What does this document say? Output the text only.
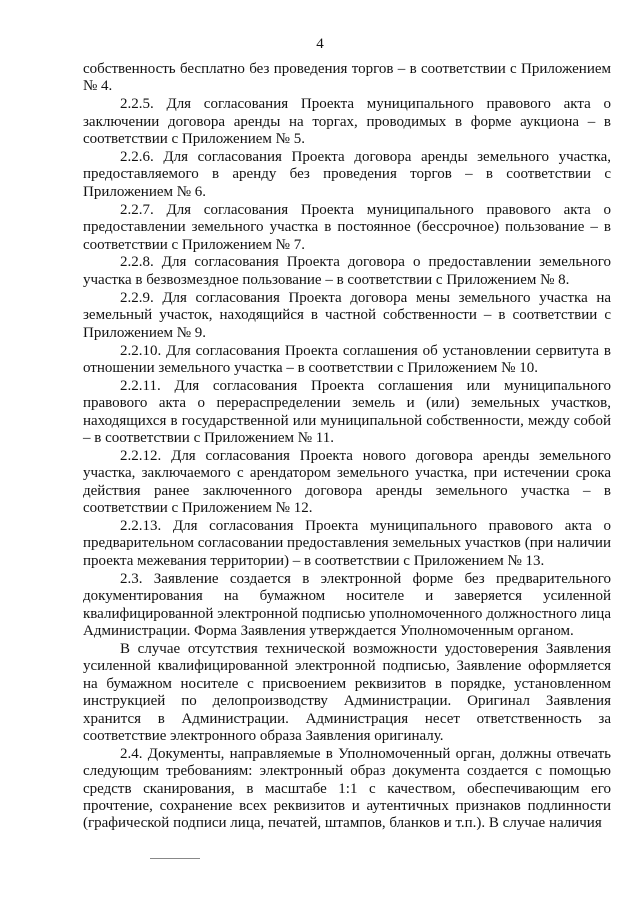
4

собственность бесплатно без проведения торгов – в соответствии с Приложением № 4.

2.2.5. Для согласования Проекта муниципального правового акта о заключении договора аренды на торгах, проводимых в форме аукциона – в соответствии с Приложением № 5.

2.2.6. Для согласования Проекта договора аренды земельного участка, предоставляемого в аренду без проведения торгов – в соответствии с Приложением № 6.

2.2.7. Для согласования Проекта муниципального правового акта о предоставлении земельного участка в постоянное (бессрочное) пользование – в соответствии с Приложением № 7.

2.2.8. Для согласования Проекта договора о предоставлении земельного участка в безвозмездное пользование – в соответствии с Приложением № 8.

2.2.9. Для согласования Проекта договора мены земельного участка на земельный участок, находящийся в частной собственности – в соответствии с Приложением № 9.

2.2.10. Для согласования Проекта соглашения об установлении сервитута в отношении земельного участка – в соответствии с Приложением № 10.

2.2.11. Для согласования Проекта соглашения или муниципального правового акта о перераспределении земель и (или) земельных участков, находящихся в государственной или муниципальной собственности, между собой – в соответствии с Приложением № 11.

2.2.12. Для согласования Проекта нового договора аренды земельного участка, заключаемого с арендатором земельного участка, при истечении срока действия ранее заключенного договора аренды земельного участка – в соответствии с Приложением № 12.

2.2.13. Для согласования Проекта муниципального правового акта о предварительном согласовании предоставления земельных участков (при наличии проекта межевания территории) – в соответствии с Приложением № 13.

2.3. Заявление создается в электронной форме без предварительного документирования на бумажном носителе и заверяется усиленной квалифицированной электронной подписью уполномоченного должностного лица Администрации. Форма Заявления утверждается Уполномоченным органом.

В случае отсутствия технической возможности удостоверения Заявления усиленной квалифицированной электронной подписью, Заявление оформляется на бумажном носителе с присвоением реквизитов в порядке, установленном инструкцией по делопроизводству Администрации. Оригинал Заявления хранится в Администрации. Администрация несет ответственность за соответствие электронного образа Заявления оригиналу.

2.4. Документы, направляемые в Уполномоченный орган, должны отвечать следующим требованиям: электронный образ документа создается с помощью средств сканирования, в масштабе 1:1 с качеством, обеспечивающим его прочтение, сохранение всех реквизитов и аутентичных признаков подлинности (графической подписи лица, печатей, штампов, бланков и т.п.). В случае наличия
